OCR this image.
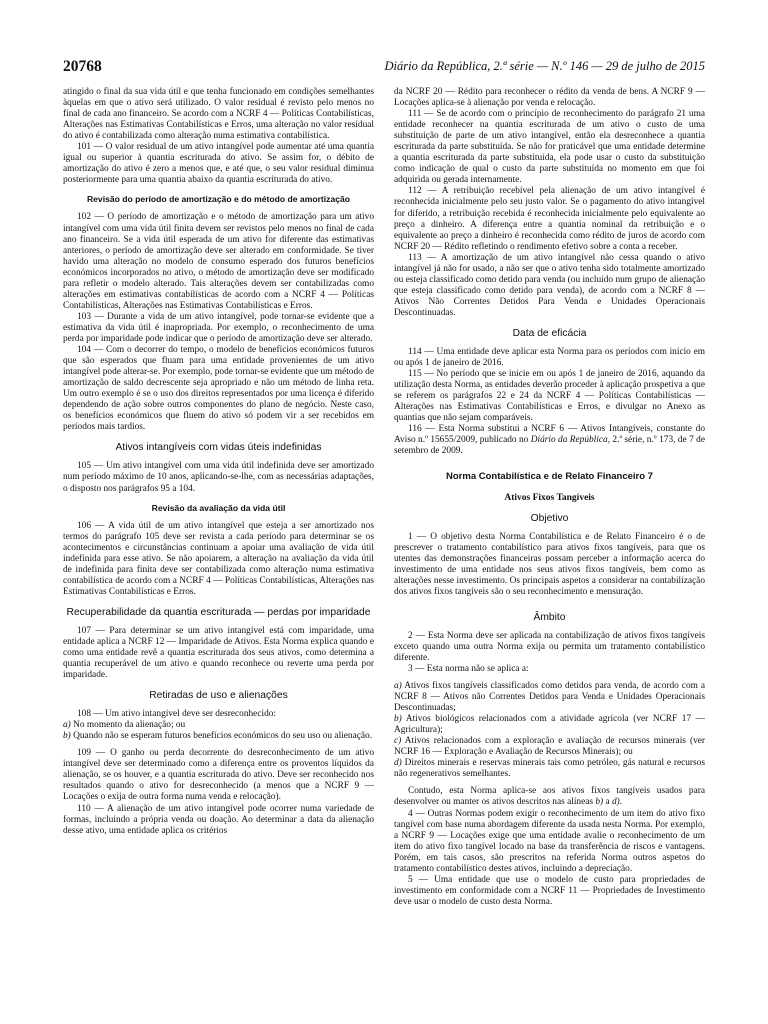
20768	Diário da República, 2.ª série — N.º 146 — 29 de julho de 2015

atingido o final da sua vida útil e que tenha funcionado em condições semelhantes àquelas em que o ativo será utilizado. O valor residual é revisto pelo menos no final de cada ano financeiro. Se acordo com a NCRF 4 — Políticas Contabilísticas, Alterações nas Estimativas Contabilísticas e Erros, uma alteração no valor residual do ativo é contabilizada como alteração numa estimativa contabilística.

101 — O valor residual de um ativo intangível pode aumentar até uma quantia igual ou superior à quantia escriturada do ativo. Se assim for, o débito de amortização do ativo é zero a menos que, e até que, o seu valor residual diminua posteriormente para uma quantia abaixo da quantia escriturada do ativo.

Revisão do período de amortização e do método de amortização

102 — O período de amortização e o método de amortização para um ativo intangível com uma vida útil finita devem ser revistos pelo menos no final de cada ano financeiro. Se a vida útil esperada de um ativo for diferente das estimativas anteriores, o período de amortização deve ser alterado em conformidade. Se tiver havido uma alteração no modelo de consumo esperado dos futuros benefícios económicos incorporados no ativo, o método de amortização deve ser modificado para refletir o modelo alterado. Tais alterações devem ser contabilizadas como alterações em estimativas contabilísticas de acordo com a NCRF 4 — Políticas Contabilísticas, Alterações nas Estimativas Contabilísticas e Erros.

103 — Durante a vida de um ativo intangível, pode tornar-se evidente que a estimativa da vida útil é inapropriada. Por exemplo, o reconhecimento de uma perda por imparidade pode indicar que o período de amortização deve ser alterado.

104 — Com o decorrer do tempo, o modelo de benefícios económicos futuros que são esperados que fluam para uma entidade provenientes de um ativo intangível pode alterar-se. Por exemplo, pode tornar-se evidente que um método de amortização de saldo decrescente seja apropriado e não um método de linha reta. Um outro exemplo é se o uso dos direitos representados por uma licença é diferido dependendo de ação sobre outros componentes do plano de negócio. Neste caso, os benefícios económicos que fluem do ativo só podem vir a ser recebidos em períodos mais tardios.

Ativos intangíveis com vidas úteis indefinidas

105 — Um ativo intangível com uma vida útil indefinida deve ser amortizado num período máximo de 10 anos, aplicando-se-lhe, com as necessárias adaptações, o disposto nos parágrafos 95 a 104.

Revisão da avaliação da vida útil

106 — A vida útil de um ativo intangível que esteja a ser amortizado nos termos do parágrafo 105 deve ser revista a cada período para determinar se os acontecimentos e circunstâncias continuam a apoiar uma avaliação de vida útil indefinida para esse ativo. Se não apoiarem, a alteração na avaliação da vida útil de indefinida para finita deve ser contabilizada como alteração numa estimativa contabilística de acordo com a NCRF 4 — Políticas Contabilísticas, Alterações nas Estimativas Contabilísticas e Erros.

Recuperabilidade da quantia escriturada — perdas por imparidade

107 — Para determinar se um ativo intangível está com imparidade, uma entidade aplica a NCRF 12 — Imparidade de Ativos. Esta Norma explica quando e como uma entidade revê a quantia escriturada dos seus ativos, como determina a quantia recuperável de um ativo e quando reconhece ou reverte uma perda por imparidade.

Retiradas de uso e alienações

108 — Um ativo intangível deve ser desreconhecido:

a) No momento da alienação; ou

b) Quando não se esperam futuros benefícios económicos do seu uso ou alienação.

109 — O ganho ou perda decorrente do desreconhecimento de um ativo intangível deve ser determinado como a diferença entre os proventos líquidos da alienação, se os houver, e a quantia escriturada do ativo. Deve ser reconhecido nos resultados quando o ativo for desreconhecido (a menos que a NCRF 9 — Locações o exija de outra forma numa venda e relocação).

110 — A alienação de um ativo intangível pode ocorrer numa variedade de formas, incluindo a própria venda ou doação. Ao determinar a data da alienação desse ativo, uma entidade aplica os critérios

da NCRF 20 — Rédito para reconhecer o rédito da venda de bens. A NCRF 9 — Locações aplica-se à alienação por venda e relocação.

111 — Se de acordo com o princípio de reconhecimento do parágrafo 21 uma entidade reconhecer na quantia escriturada de um ativo o custo de uma substituição de parte de um ativo intangível, então ela desreconhece a quantia escriturada da parte substituída. Se não for praticável que uma entidade determine a quantia escriturada da parte substituída, ela pode usar o custo da substituição como indicação de qual o custo da parte substituída no momento em que foi adquirida ou gerada internamente.

112 — A retribuição recebível pela alienação de um ativo intangível é reconhecida inicialmente pelo seu justo valor. Se o pagamento do ativo intangível for diferido, a retribuição recebida é reconhecida inicialmente pelo equivalente ao preço a dinheiro. A diferença entre a quantia nominal da retribuição e o equivalente ao preço a dinheiro é reconhecida como rédito de juros de acordo com NCRF 20 — Rédito refletindo o rendimento efetivo sobre a conta a receber.

113 — A amortização de um ativo intangível não cessa quando o ativo intangível já não for usado, a não ser que o ativo tenha sido totalmente amortizado ou esteja classificado como detido para venda (ou incluído num grupo de alienação que esteja classificado como detido para venda), de acordo com a NCRF 8 — Ativos Não Correntes Detidos Para Venda e Unidades Operacionais Descontinuadas.

Data de eficácia

114 — Uma entidade deve aplicar esta Norma para os períodos com início em ou após 1 de janeiro de 2016.

115 — No período que se inicie em ou após 1 de janeiro de 2016, aquando da utilização desta Norma, as entidades deverão proceder à aplicação prospetiva a que se referem os parágrafos 22 e 24 da NCRF 4 — Políticas Contabilísticas — Alterações nas Estimativas Contabilísticas e Erros, e divulgar no Anexo as quantias que não sejam comparáveis.

116 — Esta Norma substitui a NCRF 6 — Ativos Intangíveis, constante do Aviso n.º 15655/2009, publicado no Diário da República, 2.ª série, n.º 173, de 7 de setembro de 2009.

Norma Contabilística e de Relato Financeiro 7
Ativos Fixos Tangíveis
Objetivo

1 — O objetivo desta Norma Contabilística e de Relato Financeiro é o de prescrever o tratamento contabilístico para ativos fixos tangíveis, para que os utentes das demonstrações financeiras possam perceber a informação acerca do investimento de uma entidade nos seus ativos fixos tangíveis, bem como as alterações nesse investimento. Os principais aspetos a considerar na contabilização dos ativos fixos tangíveis são o seu reconhecimento e mensuração.

Âmbito

2 — Esta Norma deve ser aplicada na contabilização de ativos fixos tangíveis exceto quando uma outra Norma exija ou permita um tratamento contabilístico diferente.

3 — Esta norma não se aplica a:

a) Ativos fixos tangíveis classificados como detidos para venda, de acordo com a NCRF 8 — Ativos não Correntes Detidos para Venda e Unidades Operacionais Descontinuadas;

b) Ativos biológicos relacionados com a atividade agrícola (ver NCRF 17 — Agricultura);

c) Ativos relacionados com a exploração e avaliação de recursos minerais (ver NCRF 16 — Exploração e Avaliação de Recursos Minerais); ou

d) Direitos minerais e reservas minerais tais como petróleo, gás natural e recursos não regenerativos semelhantes.

Contudo, esta Norma aplica-se aos ativos fixos tangíveis usados para desenvolver ou manter os ativos descritos nas alíneas b) a d).

4 — Outras Normas podem exigir o reconhecimento de um item do ativo fixo tangível com base numa abordagem diferente da usada nesta Norma. Por exemplo, a NCRF 9 — Locações exige que uma entidade avalie o reconhecimento de um item do ativo fixo tangível locado na base da transferência de riscos e vantagens. Porém, em tais casos, são prescritos na referida Norma outros aspetos do tratamento contabilístico destes ativos, incluindo a depreciação.

5 — Uma entidade que use o modelo de custo para propriedades de investimento em conformidade com a NCRF 11 — Propriedades de Investimento deve usar o modelo de custo desta Norma.
